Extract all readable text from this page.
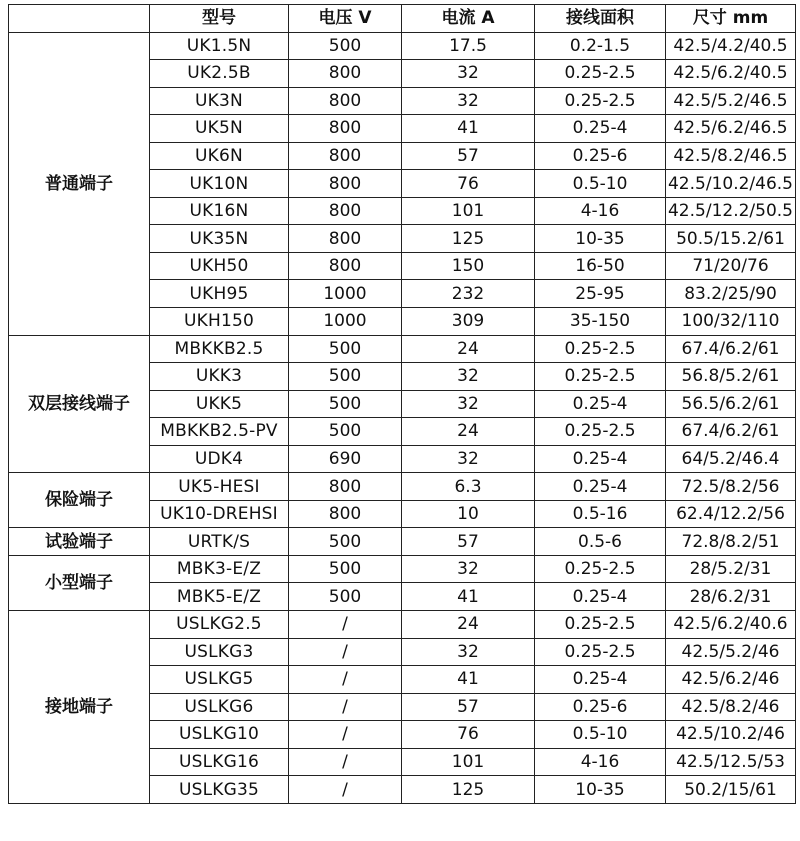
	型号	电压 V	电流 A	接线面积	尺寸 mm
普通端子	UK1.5N	500	17.5	0.2-1.5	42.5/4.2/40.5
	UK2.5B	800	32	0.25-2.5	42.5/6.2/40.5
	UK3N	800	32	0.25-2.5	42.5/5.2/46.5
	UK5N	800	41	0.25-4	42.5/6.2/46.5
	UK6N	800	57	0.25-6	42.5/8.2/46.5
	UK10N	800	76	0.5-10	42.5/10.2/46.5
	UK16N	800	101	4-16	42.5/12.2/50.5
	UK35N	800	125	10-35	50.5/15.2/61
	UKH50	800	150	16-50	71/20/76
	UKH95	1000	232	25-95	83.2/25/90
	UKH150	1000	309	35-150	100/32/110
双层接线端子	MBKKB2.5	500	24	0.25-2.5	67.4/6.2/61
	UKK3	500	32	0.25-2.5	56.8/5.2/61
	UKK5	500	32	0.25-4	56.5/6.2/61
	MBKKB2.5-PV	500	24	0.25-2.5	67.4/6.2/61
	UDK4	690	32	0.25-4	64/5.2/46.4
保险端子	UK5-HESI	800	6.3	0.25-4	72.5/8.2/56
	UK10-DREHSI	800	10	0.5-16	62.4/12.2/56
试验端子	URTK/S	500	57	0.5-6	72.8/8.2/51
小型端子	MBK3-E/Z	500	32	0.25-2.5	28/5.2/31
	MBK5-E/Z	500	41	0.25-4	28/6.2/31
接地端子	USLKG2.5	/	24	0.25-2.5	42.5/6.2/40.6
	USLKG3	/	32	0.25-2.5	42.5/5.2/46
	USLKG5	/	41	0.25-4	42.5/6.2/46
	USLKG6	/	57	0.25-6	42.5/8.2/46
	USLKG10	/	76	0.5-10	42.5/10.2/46
	USLKG16	/	101	4-16	42.5/12.5/53
	USLKG35	/	125	10-35	50.2/15/61
